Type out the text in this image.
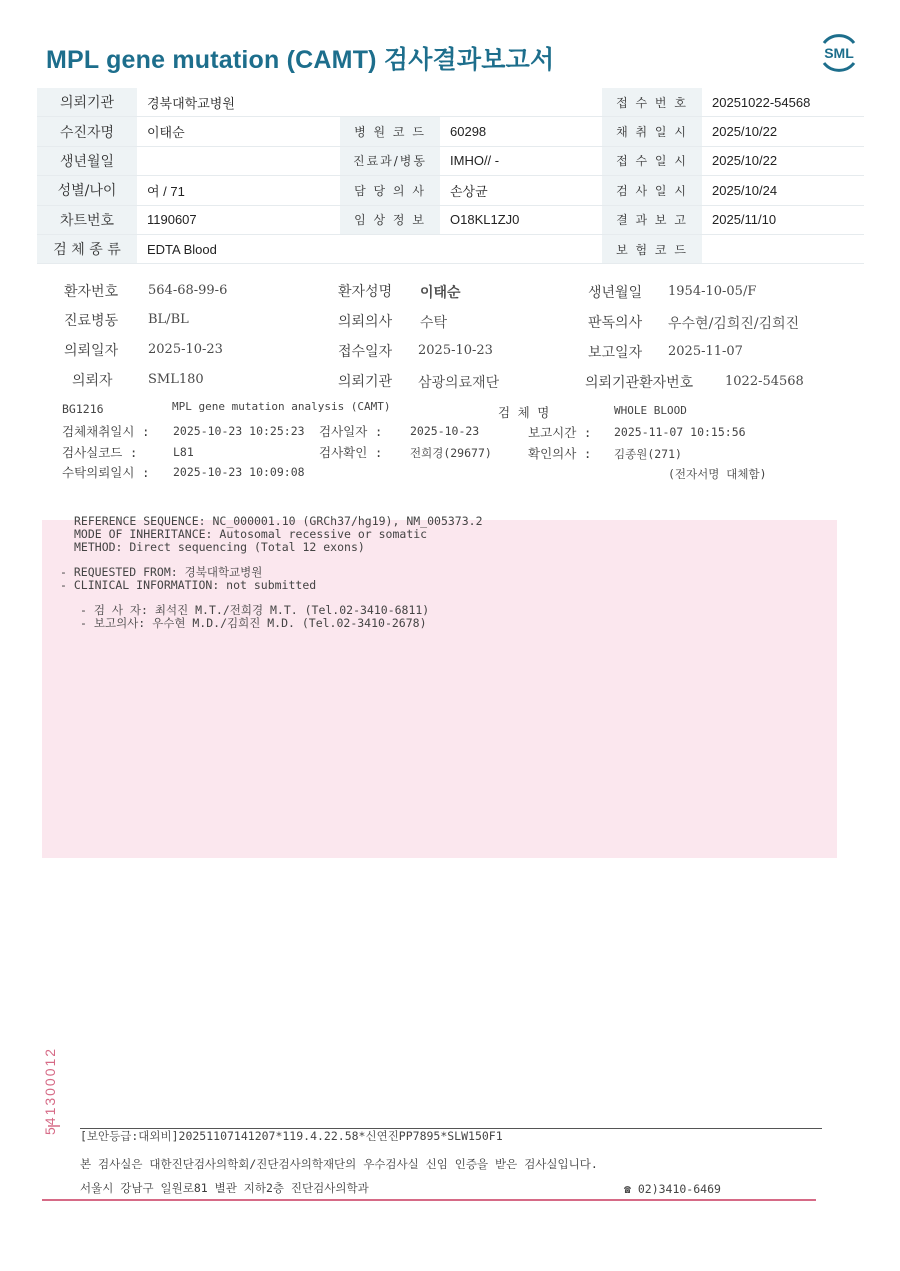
MPL gene mutation (CAMT) 검사결과보고서	SML
의뢰기관	경북대학교병원			접 수 번 호	20251022-54568
수진자명	이태순	병 원 코 드	60298	채 취 일 시	2025/10/22
생년월일		진료과/병동	IMHO// -	접 수 일 시	2025/10/22
성별/나이	여 / 71	담 당 의 사	손상균	검 사 일 시	2025/10/24
차트번호	1190607	임 상 정 보	O18KL1ZJ0	결 과 보 고	2025/11/10
검 체 종 류	EDTA Blood			보 험 코 드	
환자번호 564-68-99-6	환자성명 이태순	생년월일 1954-10-05/F
진료병동 BL/BL	의뢰의사 수탁	판독의사 우수현/김희진/김희진
의뢰일자 2025-10-23	접수일자 2025-10-23	보고일자 2025-11-07
의뢰자	SML180	의뢰기관 삼광의료재단	의뢰기관환자번호 1022-54568
BG1216	MPL gene mutation analysis (CAMT)	검 체 명	WHOLE BLOOD
검체채취일시 : 2025-10-23 10:25:23 검사일자 : 2025-10-23	보고시간 : 2025-11-07 10:15:56
검사실코드 :	L81	검사확인 : 전희경(29677)	확인의사 : 김종원(271)
수탁의뢰일시 : 2025-10-23 10:09:08	(전자서명 대체함)
REFERENCE SEQUENCE: NC_000001.10 (GRCh37/hg19), NM_005373.2
MODE OF INHERITANCE: Autosomal recessive or somatic
METHOD: Direct sequencing (Total 12 exons)
- REQUESTED FROM: 경북대학교병원
- CLINICAL INFORMATION: not submitted
- 검 사 자: 최석진 M.T./전희경 M.T. (Tel.02-3410-6811)
- 보고의사: 우수현 M.D./김희진 M.D. (Tel.02-3410-2678)
541300012
[보안등급:대외비]20251107141207*119.4.22.58*신연진PP7895*SLW150F1
본 검사실은 대한진단검사의학회/진단검사의학재단의 우수검사실 신임 인증을 받은 검사실입니다.
서울시 강남구 일원로81 별관 지하2층 진단검사의학과	☎ 02)3410-6469
